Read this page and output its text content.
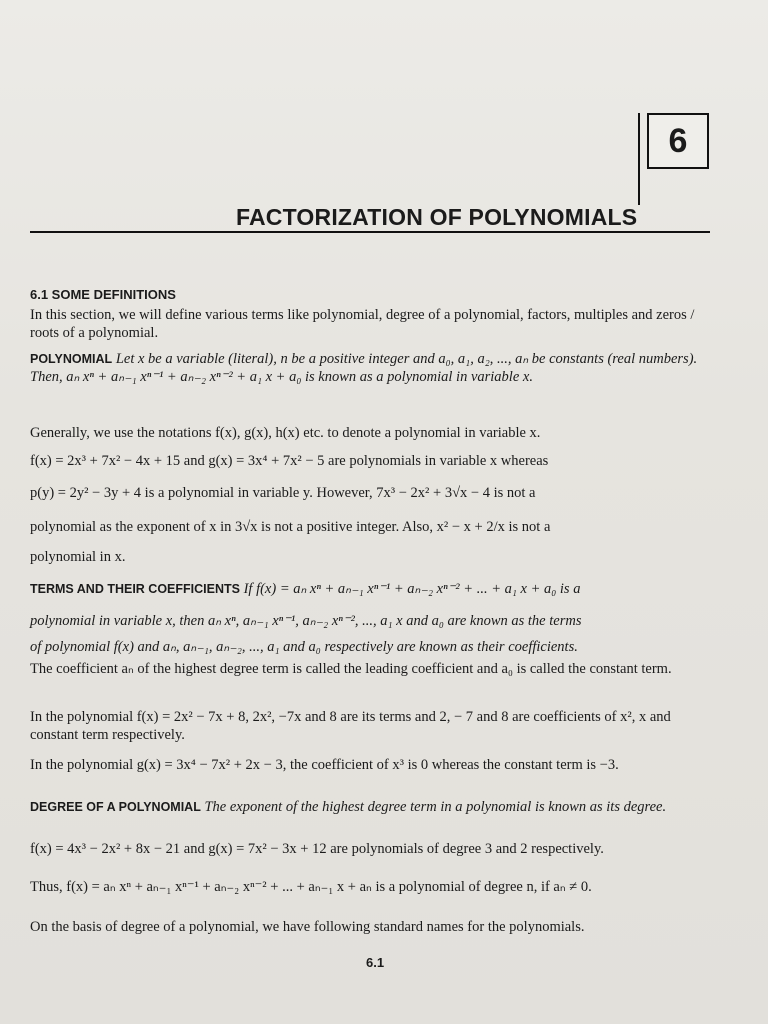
6
FACTORIZATION OF POLYNOMIALS
6.1 SOME DEFINITIONS
In this section, we will define various terms like polynomial, degree of a polynomial, factors, multiples and zeros / roots of a polynomial.
POLYNOMIAL Let x be a variable (literal), n be a positive integer and a₀, a₁, a₂, ..., aₙ be constants (real numbers). Then, aₙ xⁿ + aₙ₋₁ xⁿ⁻¹ + aₙ₋₂ xⁿ⁻² + a₁ x + a₀ is known as a polynomial in variable x.
Generally, we use the notations f(x), g(x), h(x) etc. to denote a polynomial in variable x.
f(x) = 2x³ + 7x² − 4x + 15 and g(x) = 3x⁴ + 7x² − 5 are polynomials in variable x whereas
p(y) = 2y² − 3y + 4 is a polynomial in variable y. However, 7x³ − 2x² + 3√x − 4 is not a
polynomial as the exponent of x in 3√x is not a positive integer. Also, x² − x + 2/x is not a
polynomial in x.
TERMS AND THEIR COEFFICIENTS If f(x) = aₙ xⁿ + aₙ₋₁ xⁿ⁻¹ + aₙ₋₂ xⁿ⁻² + ... + a₁ x + a₀ is a
polynomial in variable x, then aₙ xⁿ, aₙ₋₁ xⁿ⁻¹, aₙ₋₂ xⁿ⁻², ..., a₁ x and a₀ are known as the terms
of polynomial f(x) and aₙ, aₙ₋₁, aₙ₋₂, ..., a₁ and a₀ respectively are known as their coefficients.
The coefficient aₙ of the highest degree term is called the leading coefficient and a₀ is called the constant term.
In the polynomial f(x) = 2x² − 7x + 8, 2x², −7x and 8 are its terms and 2, − 7 and 8 are coefficients of x², x and constant term respectively.
In the polynomial g(x) = 3x⁴ − 7x² + 2x − 3, the coefficient of x³ is 0 whereas the constant term is −3.
DEGREE OF A POLYNOMIAL The exponent of the highest degree term in a polynomial is known as its degree.
f(x) = 4x³ − 2x² + 8x − 21 and g(x) = 7x² − 3x + 12 are polynomials of degree 3 and 2 respectively.
Thus, f(x) = aₙ xⁿ + aₙ₋₁ xⁿ⁻¹ + aₙ₋₂ xⁿ⁻² + ... + aₙ₋₁ x + aₙ is a polynomial of degree n, if aₙ ≠ 0.
On the basis of degree of a polynomial, we have following standard names for the polynomials.
6.1
